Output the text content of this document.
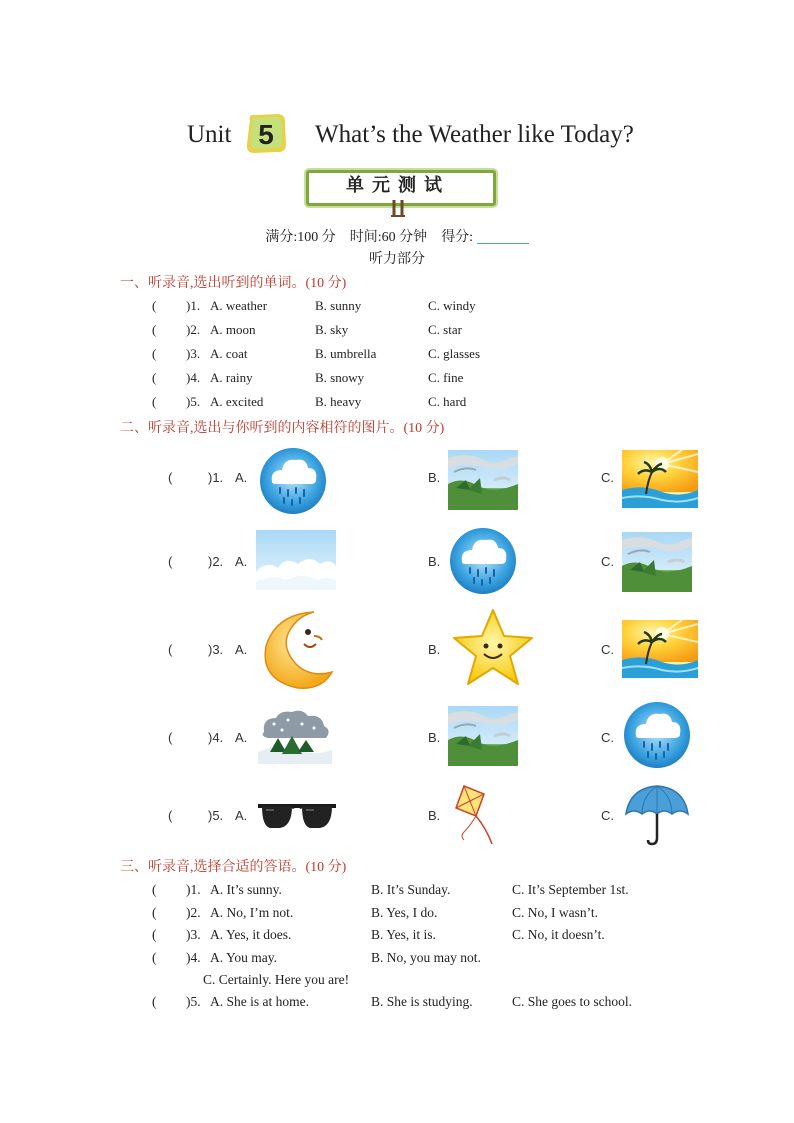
Unit 5 What’s the Weather like Today?
单元测试
满分:100 分 时间:60 分钟 得分:
听力部分
一、听录音,选出听到的单词。(10 分)
( )1. A. weather	B. sunny	C. windy
( )2. A. moon	B. sky	C. star
( )3. A. coat	B. umbrella	C. glasses
( )4. A. rainy	B. snowy	C. fine
( )5. A. excited	B. heavy	C. hard
二、听录音,选出与你听到的内容相符的图片。(10 分)
(	)1. A.	B.	C.
(	)2. A.	B.	C.
(	)3. A.	B.	C.
(	)4. A.	B.	C.
(	)5. A.	B.	C.
三、听录音,选择合适的答语。(10 分)
( )1. A. It’s sunny.	B. It’s Sunday.	C. It’s September 1st.
( )2. A. No, I’m not.	B. Yes, I do.	C. No, I wasn’t.
( )3. A. Yes, it does.	B. Yes, it is.	C. No, it doesn’t.
( )4. A. You may.	B. No, you may not.
C. Certainly. Here you are!
( )5. A. She is at home.	B. She is studying.	C. She goes to school.
